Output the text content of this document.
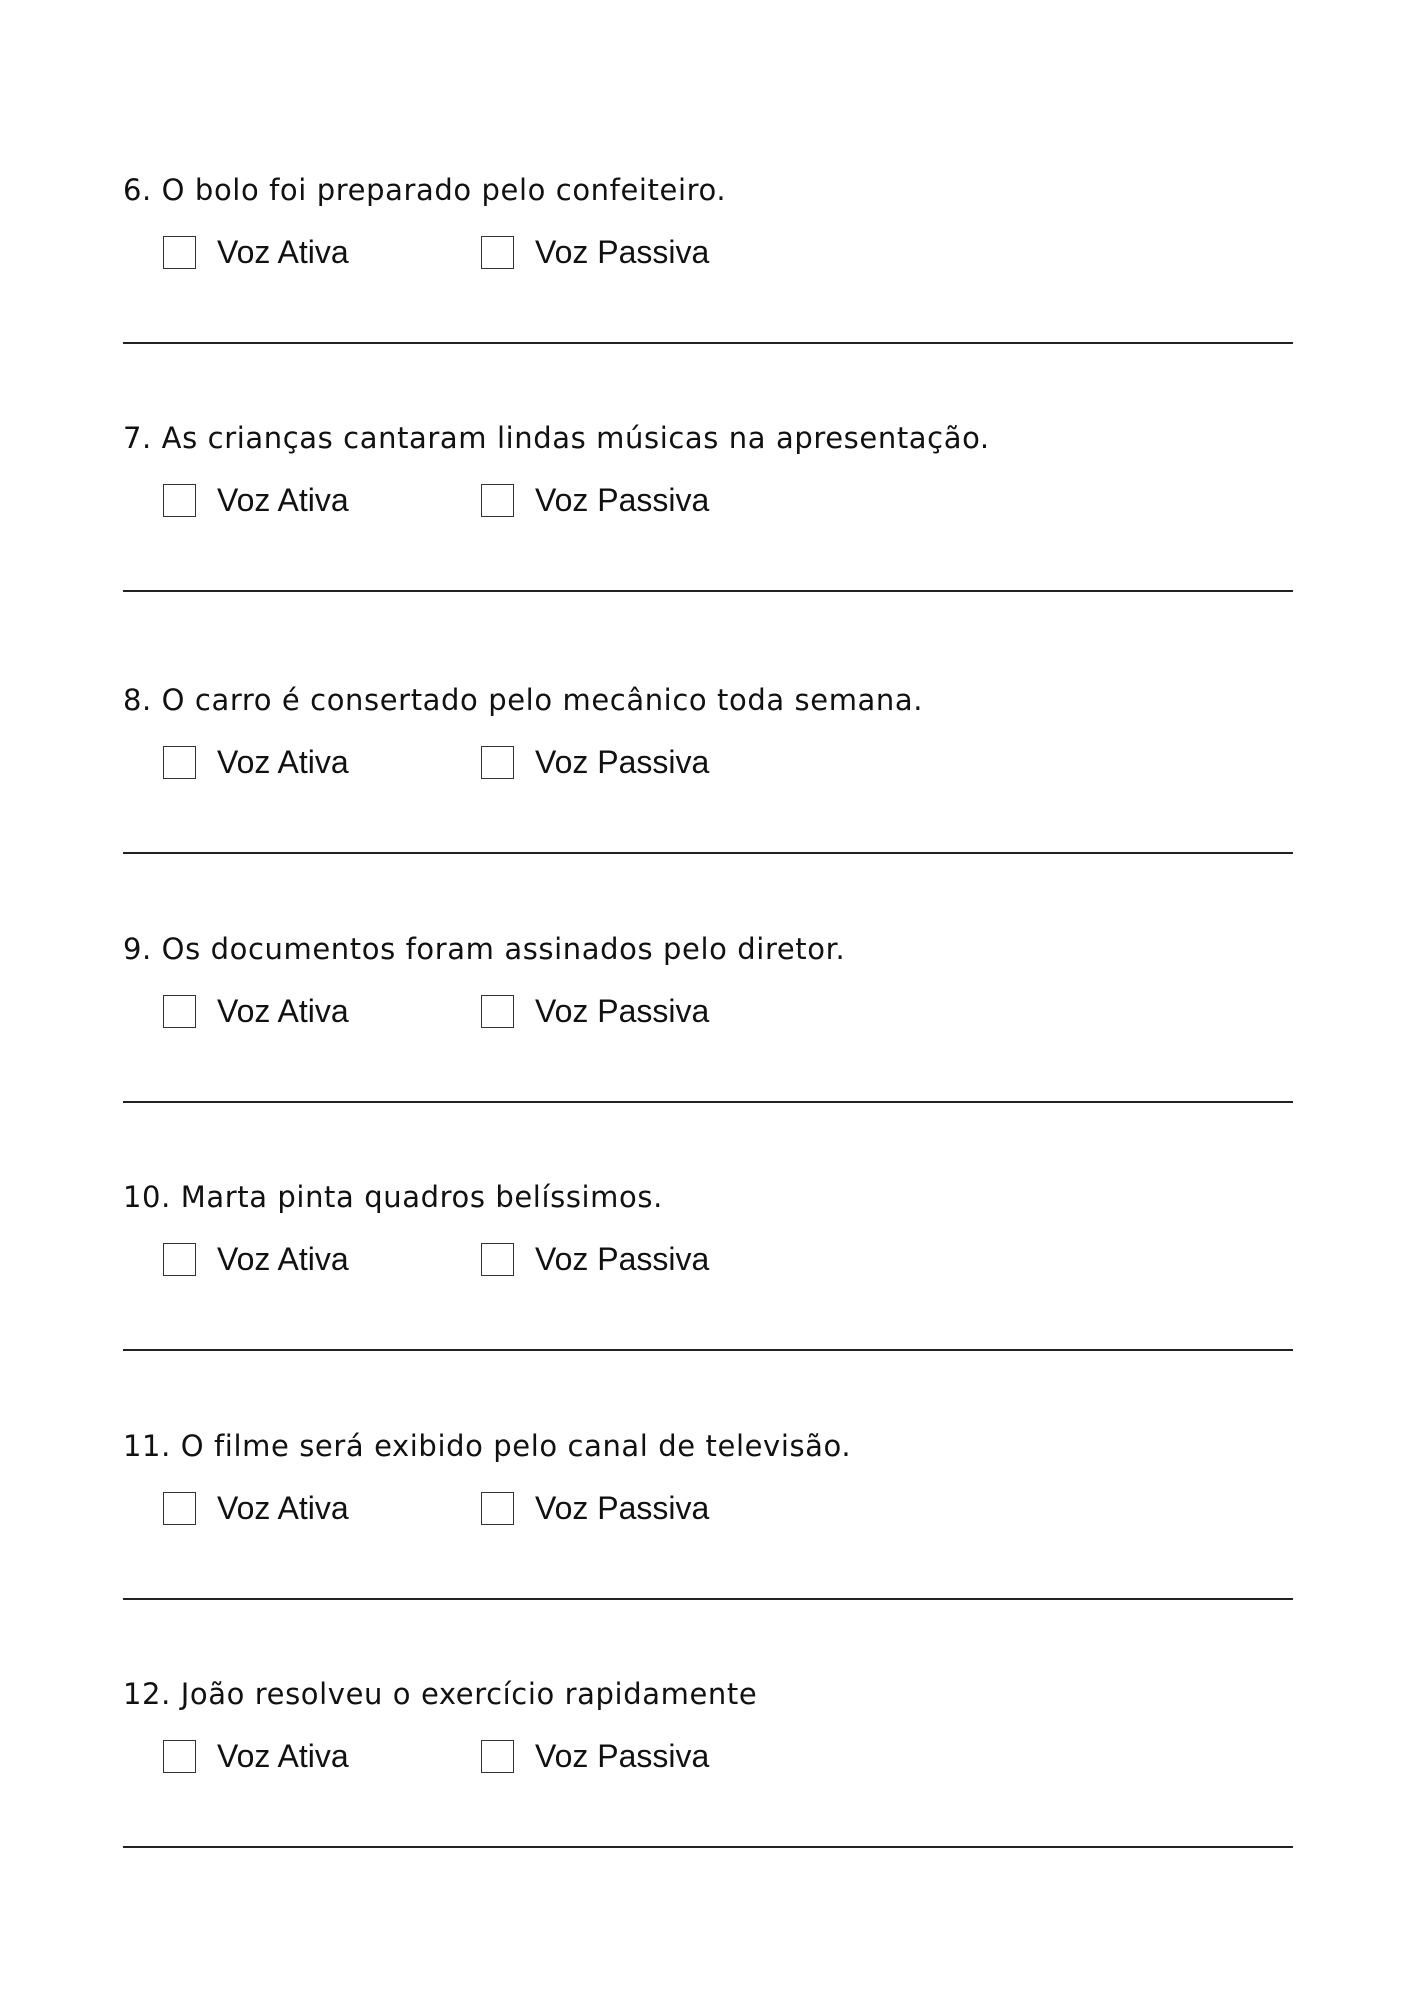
6. O bolo foi preparado pelo confeiteiro.
Voz Ativa	Voz Passiva
7. As crianças cantaram lindas músicas na apresentação.
Voz Ativa	Voz Passiva
8. O carro é consertado pelo mecânico toda semana.
Voz Ativa	Voz Passiva
9. Os documentos foram assinados pelo diretor.
Voz Ativa	Voz Passiva
10. Marta pinta quadros belíssimos.
Voz Ativa	Voz Passiva
11. O filme será exibido pelo canal de televisão.
Voz Ativa	Voz Passiva
12. João resolveu o exercício rapidamente
Voz Ativa	Voz Passiva
